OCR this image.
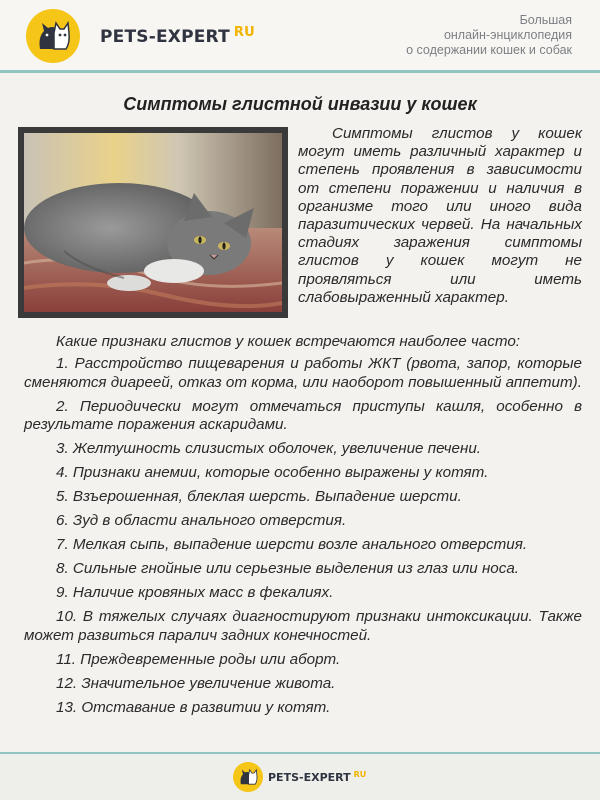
PETS-EXPERT $^{RU}$
Большая
онлайн-энциклопедия
о содержании кошек и собак
Симптомы глистной инвазии у кошек
Симптомы глистов у кошек могут иметь различный характер и степень проявления в зависимости от степени поражении и наличия в организме того или иного вида паразитических червей. На начальных стадиях заражения симптомы глистов у кошек могут не проявляться или иметь слабовыраженный характер.

Какие признаки глистов у кошек встречаются наиболее часто:

1. Расстройство пищеварения и работы ЖКТ (рвота, запор, которые сменяются диареей, отказ от корма, или наоборот повышенный аппетит).

2. Периодически могут отмечаться приступы кашля, особенно в результате поражения аскаридами.

3. Желтушность слизистых оболочек, увеличение печени.

4. Признаки анемии, которые особенно выражены у котят.

5. Взъерошенная, блеклая шерсть. Выпадение шерсти.

6. Зуд в области анального отверстия.

7. Мелкая сыпь, выпадение шерсти возле анального отверстия.

8. Сильные гнойные или серьезные выделения из глаз или носа.

9. Наличие кровяных масс в фекалиях.

10. В тяжелых случаях диагностируют признаки интоксикации. Также может развиться паралич задних конечностей.

11. Преждевременные роды или аборт.

12. Значительное увеличение живота.

13. Отставание в развитии у котят.

PETS-EXPERT $^{RU}$
